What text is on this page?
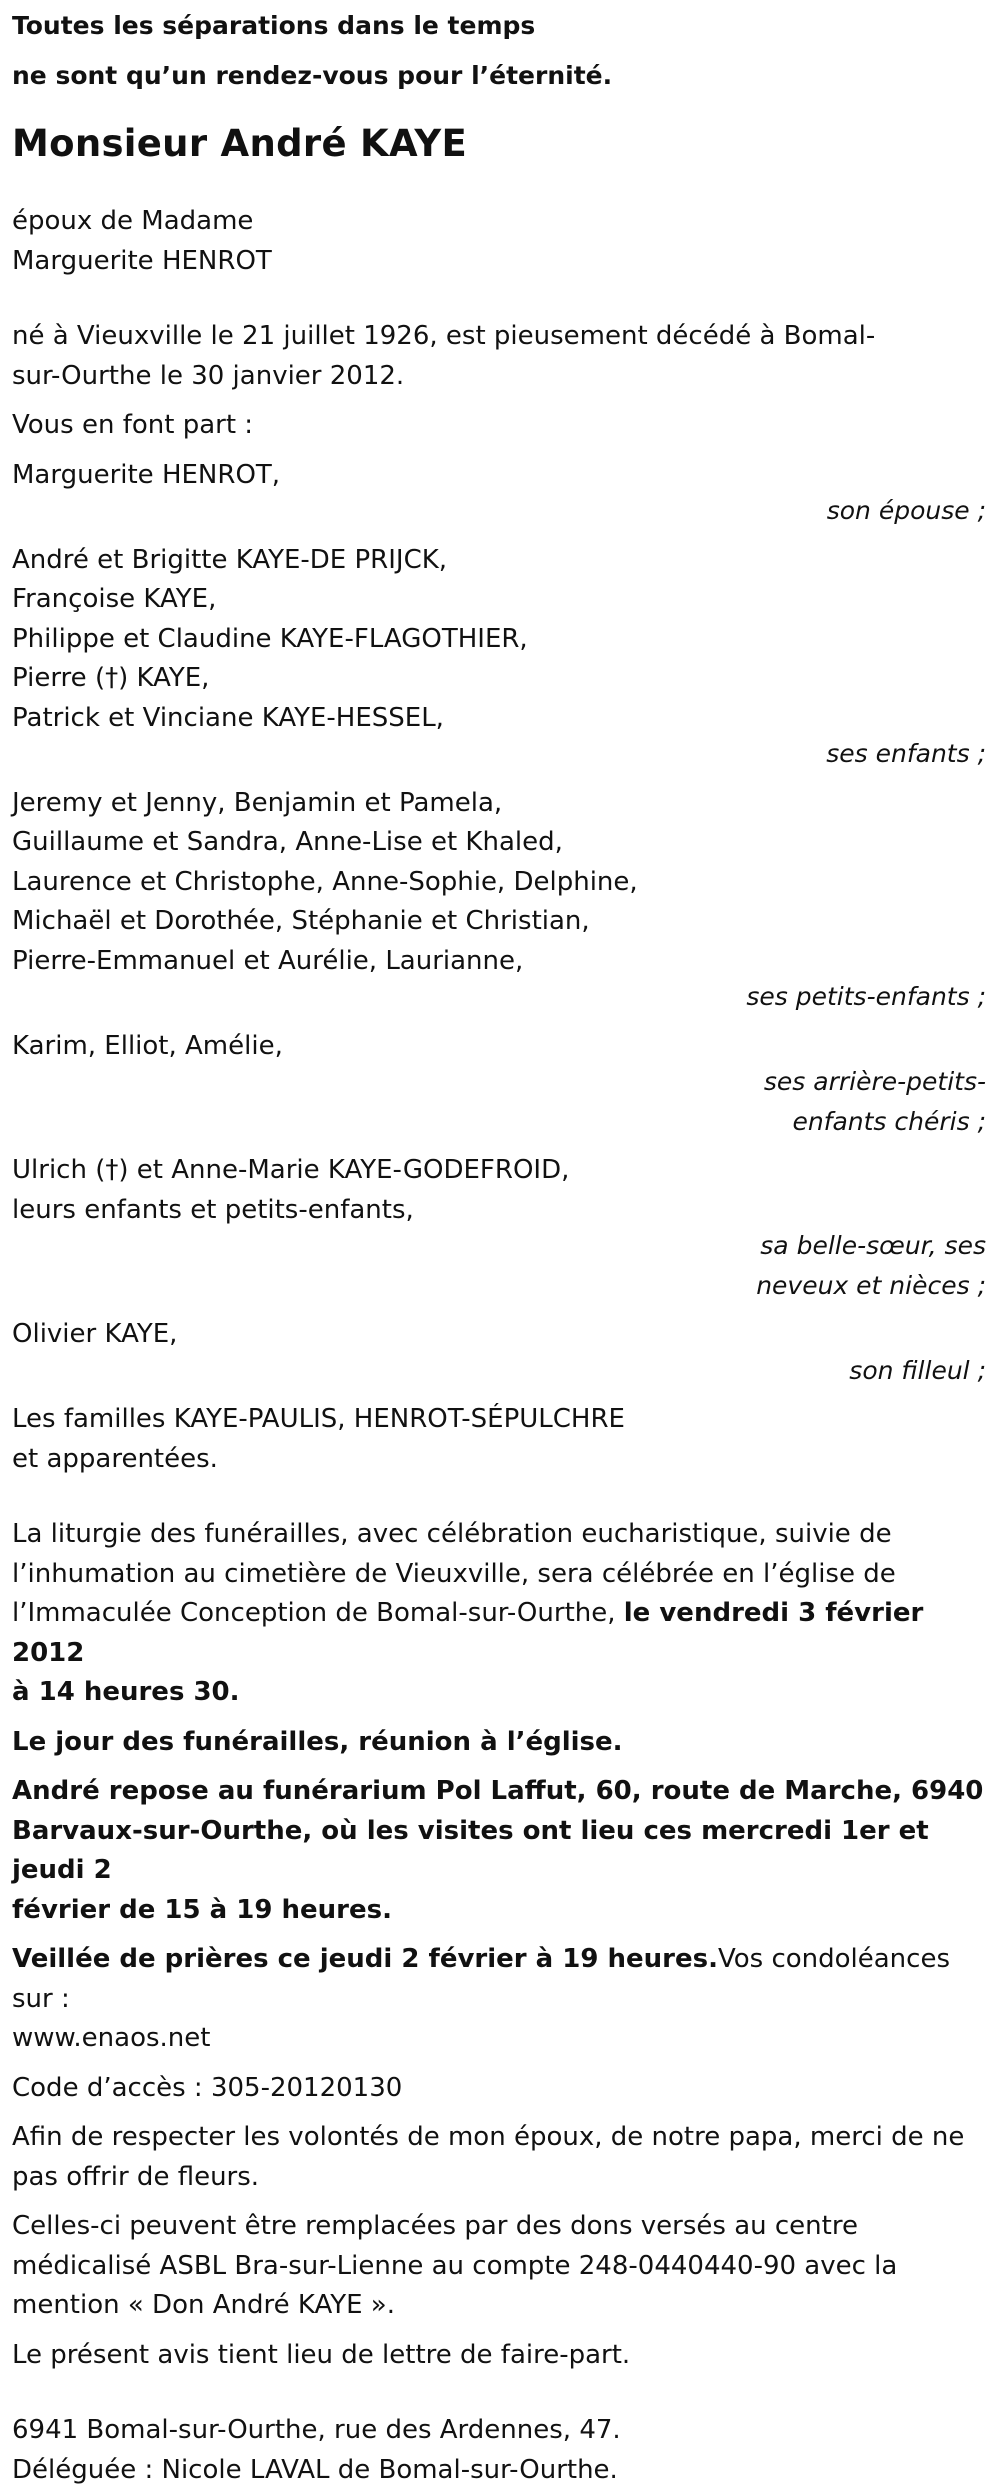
Toutes les séparations dans le temps

ne sont qu’un rendez-vous pour l’éternité.

Monsieur André KAYE
époux de Madame
Marguerite HENROT
né à Vieuxville le 21 juillet 1926, est pieusement décédé à Bomal-
sur-Ourthe le 30 janvier 2012.

Vous en font part :

Marguerite HENROT,

son épouse ;

André et Brigitte KAYE-DE PRIJCK,

Françoise KAYE,

Philippe et Claudine KAYE-FLAGOTHIER,

Pierre (†) KAYE,

Patrick et Vinciane KAYE-HESSEL,

ses enfants ;

Jeremy et Jenny, Benjamin et Pamela,

Guillaume et Sandra, Anne-Lise et Khaled,

Laurence et Christophe, Anne-Sophie, Delphine,

Michaël et Dorothée, Stéphanie et Christian,

Pierre-Emmanuel et Aurélie, Laurianne,

ses petits-enfants ;

Karim, Elliot, Amélie,

ses arrière-petits-

enfants chéris ;

Ulrich (†) et Anne-Marie KAYE-GODEFROID,

leurs enfants et petits-enfants,

sa belle-sœur, ses

neveux et nièces ;

Olivier KAYE,

son filleul ;

Les familles KAYE-PAULIS, HENROT-SÉPULCHRE
et apparentées.
La liturgie des funérailles, avec célébration eucharistique, suivie de
l’inhumation au cimetière de Vieuxville, sera célébrée en l’église de
l’Immaculée Conception de Bomal-sur-Ourthe, le vendredi 3 février 2012
à 14 heures 30.

Le jour des funérailles, réunion à l’église.

André repose au funérarium Pol Laffut, 60, route de Marche, 6940
Barvaux-sur-Ourthe, où les visites ont lieu ces mercredi 1er et jeudi 2
février de 15 à 19 heures.
Veillée de prières ce jeudi 2 février à 19 heures.Vos condoléances sur :
www.enaos.net

Code d’accès : 305-20120130

Afin de respecter les volontés de mon époux, de notre papa, merci de ne
pas offrir de fleurs.
Celles-ci peuvent être remplacées par des dons versés au centre
médicalisé ASBL Bra-sur-Lienne au compte 248-0440440-90 avec la
mention « Don André KAYE ».

Le présent avis tient lieu de lettre de faire-part.

6941 Bomal-sur-Ourthe, rue des Ardennes, 47.
Déléguée : Nicole LAVAL de Bomal-sur-Ourthe.
